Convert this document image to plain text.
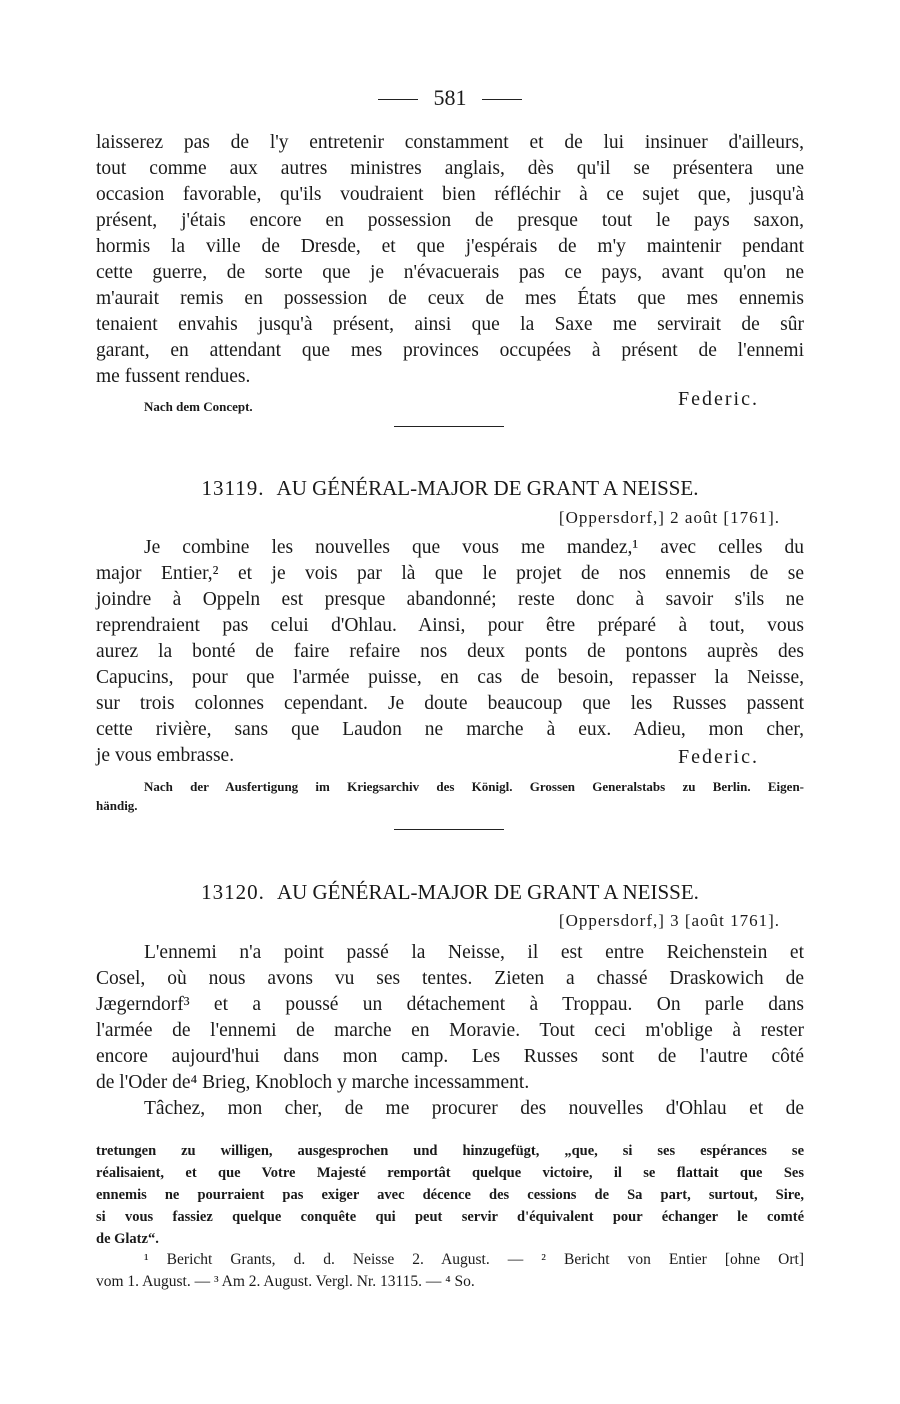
581
laisserez pas de l'y entretenir constamment et de lui insinuer d'ailleurs,
tout comme aux autres ministres anglais, dès qu'il se présentera une
occasion favorable, qu'ils voudraient bien réfléchir à ce sujet que, jusqu'à
présent, j'étais encore en possession de presque tout le pays saxon,
hormis la ville de Dresde, et que j'espérais de m'y maintenir pendant
cette guerre, de sorte que je n'évacuerais pas ce pays, avant qu'on ne
m'aurait remis en possession de ceux de mes États que mes ennemis
tenaient envahis jusqu'à présent, ainsi que la Saxe me servirait de sûr
garant, en attendant que mes provinces occupées à présent de l'ennemi
me fussent rendues.
Federic.
Nach dem Concept.
13119. AU GÉNÉRAL-MAJOR DE GRANT A NEISSE.
[Oppersdorf,] 2 août [1761].
Je combine les nouvelles que vous me mandez,¹ avec celles du
major Entier,² et je vois par là que le projet de nos ennemis de se
joindre à Oppeln est presque abandonné; reste donc à savoir s'ils ne
reprendraient pas celui d'Ohlau. Ainsi, pour être préparé à tout, vous
aurez la bonté de faire refaire nos deux ponts de pontons auprès des
Capucins, pour que l'armée puisse, en cas de besoin, repasser la Neisse,
sur trois colonnes cependant. Je doute beaucoup que les Russes passent
cette rivière, sans que Laudon ne marche à eux. Adieu, mon cher,
je vous embrasse.	Federic.
Nach der Ausfertigung im Kriegsarchiv des Königl. Grossen Generalstabs zu Berlin. Eigen-
händig.
13120. AU GÉNÉRAL-MAJOR DE GRANT A NEISSE.
[Oppersdorf,] 3 [août 1761].
L'ennemi n'a point passé la Neisse, il est entre Reichenstein et
Cosel, où nous avons vu ses tentes. Zieten a chassé Draskowich de
Jægerndorf³ et a poussé un détachement à Troppau. On parle dans
l'armée de l'ennemi de marche en Moravie. Tout ceci m'oblige à rester
encore aujourd'hui dans mon camp. Les Russes sont de l'autre côté
de l'Oder de⁴ Brieg, Knobloch y marche incessamment.
Tâchez, mon cher, de me procurer des nouvelles d'Ohlau et de
tretungen zu willigen, ausgesprochen und hinzugefügt, „que, si ses espérances se
réalisaient, et que Votre Majesté remportât quelque victoire, il se flattait que Ses
ennemis ne pourraient pas exiger avec décence des cessions de Sa part, surtout, Sire,
si vous fassiez quelque conquête qui peut servir d'équivalent pour échanger le comté
de Glatz“.
¹ Bericht Grants, d. d. Neisse 2. August. — ² Bericht von Entier [ohne Ort]
vom 1. August. — ³ Am 2. August. Vergl. Nr. 13115. — ⁴ So.
